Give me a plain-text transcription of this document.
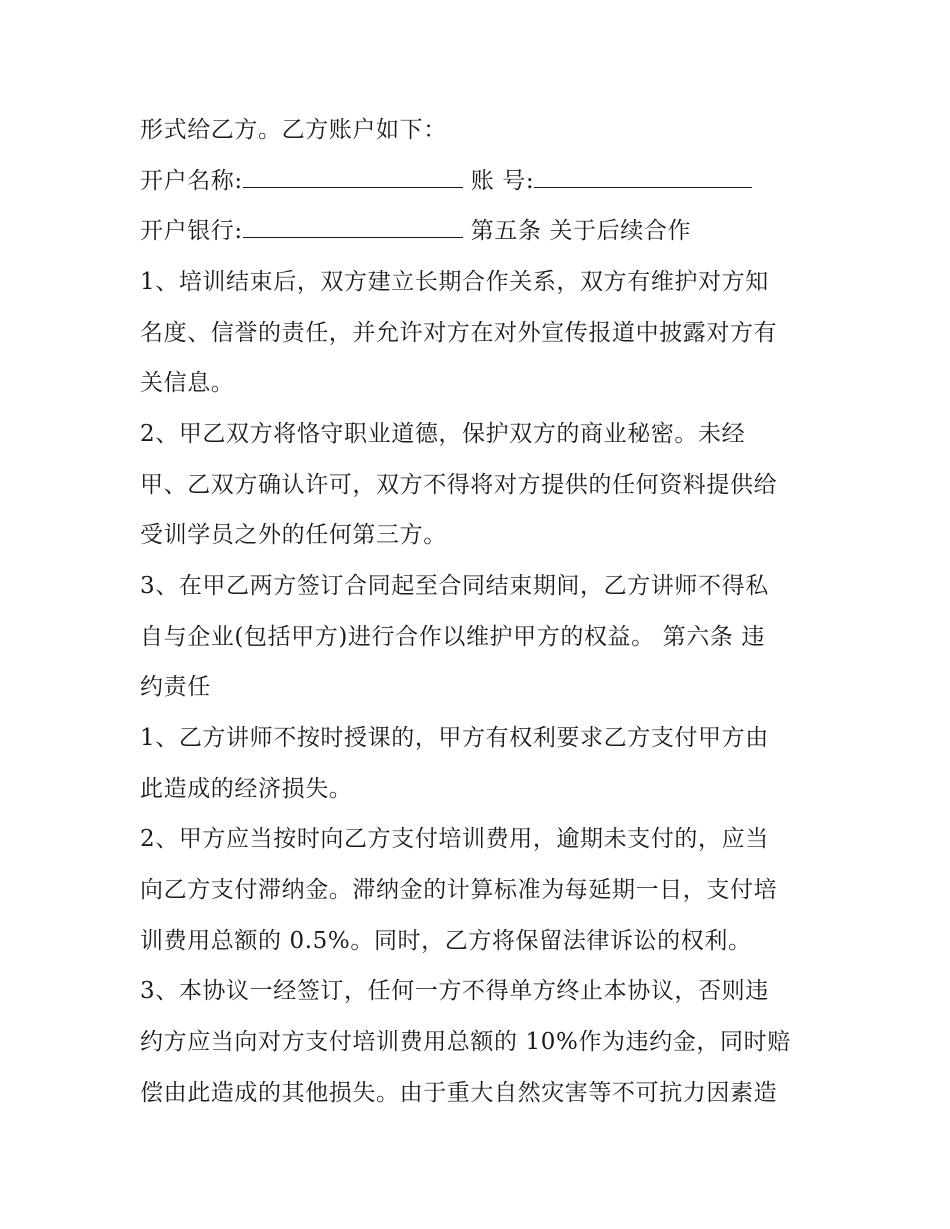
形式给乙方。乙方账户如下：
开户名称:	账 号:
开户银行:	第五条 关于后续合作
1、培训结束后，双方建立长期合作关系，双方有维护对方知
名度、信誉的责任，并允许对方在对外宣传报道中披露对方有
关信息。
2、甲乙双方将恪守职业道德，保护双方的商业秘密。未经
甲、乙双方确认许可，双方不得将对方提供的任何资料提供给
受训学员之外的任何第三方。
3、在甲乙两方签订合同起至合同结束期间，乙方讲师不得私
自与企业(包括甲方)进行合作以维护甲方的权益。 第六条 违
约责任
1、乙方讲师不按时授课的，甲方有权利要求乙方支付甲方由
此造成的经济损失。
2、甲方应当按时向乙方支付培训费用，逾期未支付的，应当
向乙方支付滞纳金。滞纳金的计算标准为每延期一日，支付培
训费用总额的 0.5%。同时，乙方将保留法律诉讼的权利。
3、本协议一经签订，任何一方不得单方终止本协议，否则违
约方应当向对方支付培训费用总额的 10%作为违约金，同时赔
偿由此造成的其他损失。由于重大自然灾害等不可抗力因素造
